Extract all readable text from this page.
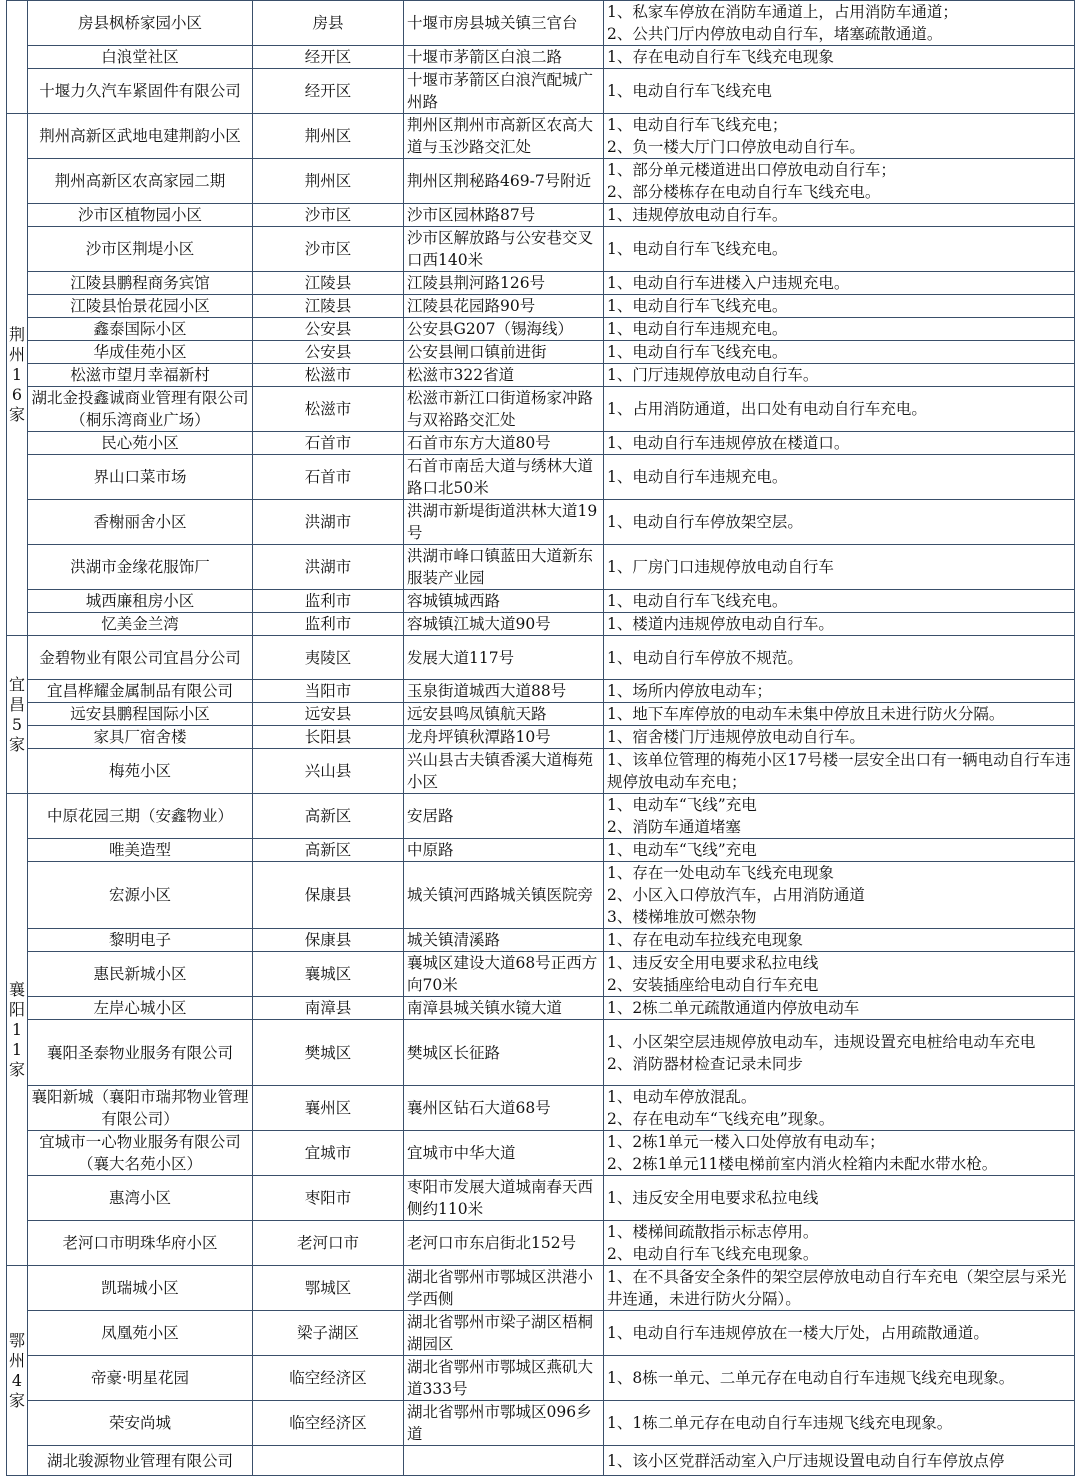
	房县枫桥家园小区	房县	十堰市房县城关镇三官台	1、私家车停放在消防车通道上，占用消防车通道；
2、公共门厅内停放电动自行车，堵塞疏散通道。

	白浪堂社区	经开区	十堰市茅箭区白浪二路	1、存在电动自行车飞线充电现象

	十堰力久汽车紧固件有限公司	经开区	十堰市茅箭区白浪汽配城广州路	1、电动自行车飞线充电

荆州16家	荆州高新区武地电建荆韵小区	荆州区	荆州区荆州市高新区农高大道与玉沙路交汇处	1、电动自行车飞线充电；
2、负一楼大厅门口停放电动自行车。

	荆州高新区农高家园二期	荆州区	荆州区荆秘路469-7号附近	1、部分单元楼道进出口停放电动自行车；
2、部分楼栋存在电动自行车飞线充电。

	沙市区植物园小区	沙市区	沙市区园林路87号	1、违规停放电动自行车。

	沙市区荆堤小区	沙市区	沙市区解放路与公安巷交叉口西140米	1、电动自行车飞线充电。

	江陵县鹏程商务宾馆	江陵县	江陵县荆河路126号	1、电动自行车进楼入户违规充电。

	江陵县怡景花园小区	江陵县	江陵县花园路90号	1、电动自行车飞线充电。

	鑫泰国际小区	公安县	公安县G207（锡海线）	1、电动自行车违规充电。

	华成佳苑小区	公安县	公安县闸口镇前进街	1、电动自行车飞线充电。

	松滋市望月幸福新村	松滋市	松滋市322省道	1、门厅违规停放电动自行车。

	湖北金投鑫诚商业管理有限公司（桐乐湾商业广场）	松滋市	松滋市新江口街道杨家冲路与双裕路交汇处	1、占用消防通道，出口处有电动自行车充电。

	民心苑小区	石首市	石首市东方大道80号	1、电动自行车违规停放在楼道口。

	界山口菜市场	石首市	石首市南岳大道与绣林大道路口北50米	1、电动自行车违规充电。

	香榭丽舍小区	洪湖市	洪湖市新堤街道洪林大道19号	1、电动自行车停放架空层。

	洪湖市金缘花服饰厂	洪湖市	洪湖市峰口镇蓝田大道新东服装产业园	1、厂房门口违规停放电动自行车

	城西廉租房小区	监利市	容城镇城西路	1、电动自行车飞线充电。

	忆美金兰湾	监利市	容城镇江城大道90号	1、楼道内违规停放电动自行车。

宜昌5家	金碧物业有限公司宜昌分公司	夷陵区	发展大道117号	1、电动自行车停放不规范。

	宜昌桦耀金属制品有限公司	当阳市	玉泉街道城西大道88号	1、场所内停放电动车；

	远安县鹏程国际小区	远安县	远安县鸣凤镇航天路	1、地下车库停放的电动车未集中停放且未进行防火分隔。

	家具厂宿舍楼	长阳县	龙舟坪镇秋潭路10号	1、宿舍楼门厅违规停放电动自行车。

	梅苑小区	兴山县	兴山县古夫镇香溪大道梅苑小区	1、该单位管理的梅苑小区17号楼一层安全出口有一辆电动自行车违规停放电动车充电；

襄阳11家	中原花园三期（安鑫物业）	高新区	安居路	1、电动车“飞线”充电
2、消防车通道堵塞

	唯美造型	高新区	中原路	1、电动车“飞线”充电

	宏源小区	保康县	城关镇河西路城关镇医院旁	1、存在一处电动车飞线充电现象
2、小区入口停放汽车，占用消防通道
3、楼梯堆放可燃杂物

	黎明电子	保康县	城关镇清溪路	1、存在电动车拉线充电现象

	惠民新城小区	襄城区	襄城区建设大道68号正西方向70米	1、违反安全用电要求私拉电线
2、安装插座给电动自行车充电

	左岸心城小区	南漳县	南漳县城关镇水镜大道	1、2栋二单元疏散通道内停放电动车

	襄阳圣泰物业服务有限公司	樊城区	樊城区长征路	1、小区架空层违规停放电动车，违规设置充电桩给电动车充电
2、消防器材检查记录未同步

	襄阳新城（襄阳市瑞邦物业管理有限公司）	襄州区	襄州区钻石大道68号	1、电动车停放混乱。
2、存在电动车“飞线充电”现象。

	宜城市一心物业服务有限公司（襄大名苑小区）	宜城市	宜城市中华大道	1、2栋1单元一楼入口处停放有电动车；
2、2栋1单元11楼电梯前室内消火栓箱内未配水带水枪。

	惠湾小区	枣阳市	枣阳市发展大道城南春天西侧约110米	1、违反安全用电要求私拉电线

	老河口市明珠华府小区	老河口市	老河口市东启街北152号	1、楼梯间疏散指示标志停用。
2、电动自行车飞线充电现象。

鄂州4家	凯瑞城小区	鄂城区	湖北省鄂州市鄂城区洪港小学西侧	1、在不具备安全条件的架空层停放电动自行车充电（架空层与采光井连通，未进行防火分隔）。

	凤凰苑小区	梁子湖区	湖北省鄂州市梁子湖区梧桐湖园区	1、电动自行车违规停放在一楼大厅处，占用疏散通道。

	帝豪·明星花园	临空经济区	湖北省鄂州市鄂城区燕矶大道333号	1、8栋一单元、二单元存在电动自行车违规飞线充电现象。

	荣安尚城	临空经济区	湖北省鄂州市鄂城区096乡道	1、1栋二单元存在电动自行车违规飞线充电现象。

	湖北骏源物业管理有限公司			1、该小区党群活动室入户厅违规设置电动自行车停放点停
